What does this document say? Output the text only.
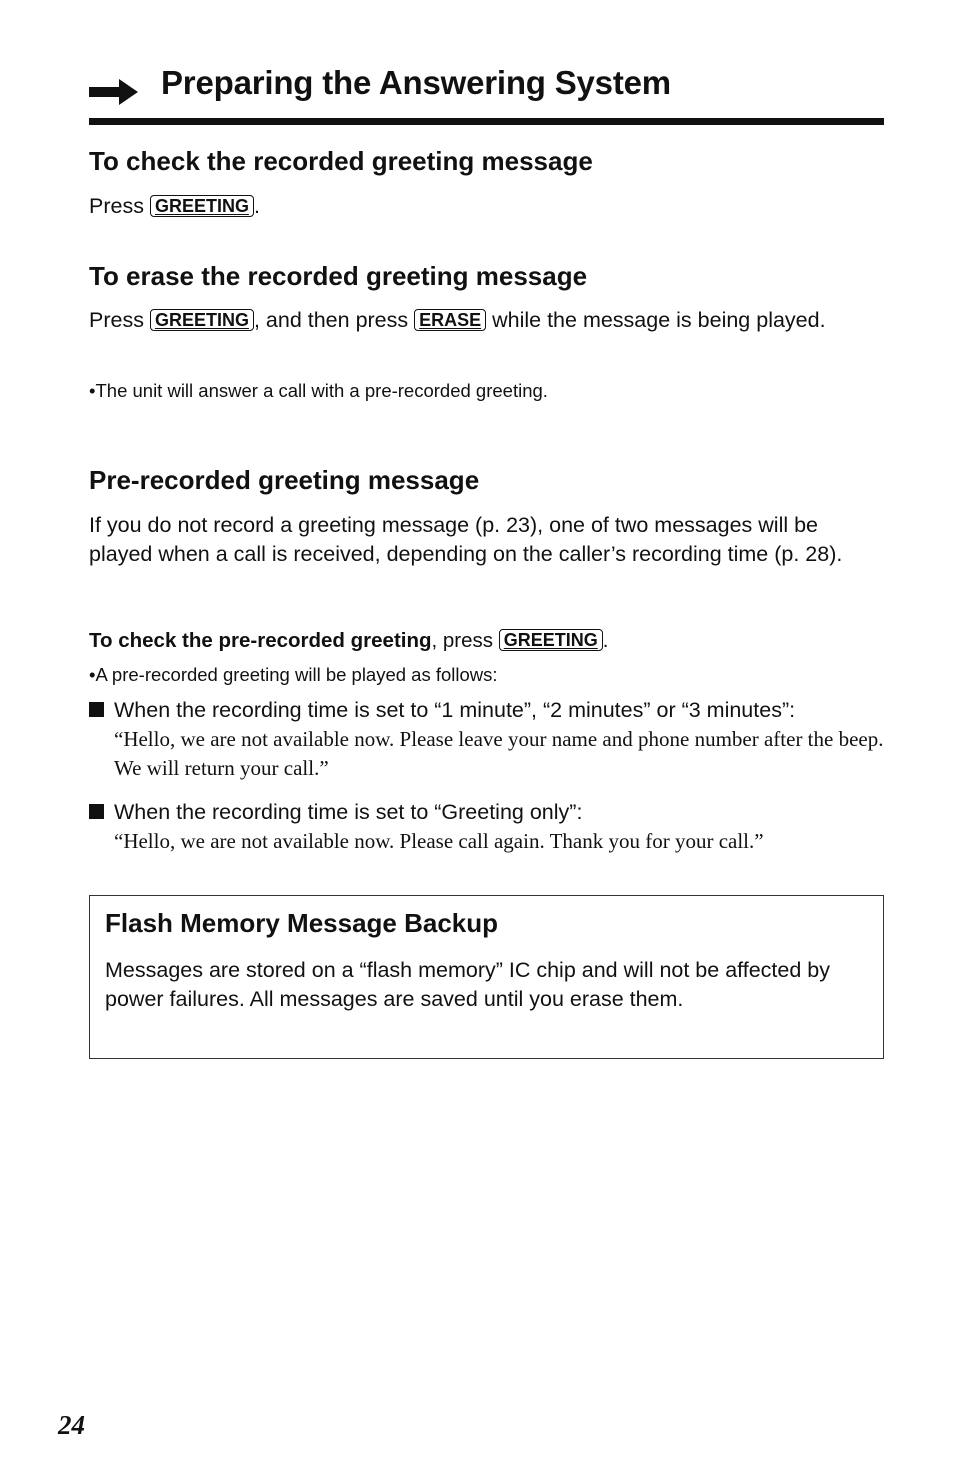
Preparing the Answering System
To check the recorded greeting message
Press GREETING .
To erase the recorded greeting message
Press GREETING , and then press ERASE while the message is being played.
•The unit will answer a call with a pre-recorded greeting.
Pre-recorded greeting message
If you do not record a greeting message (p. 23), one of two messages will be played when a call is received, depending on the caller’s recording time (p. 28).
To check the pre-recorded greeting, press GREETING .
•A pre-recorded greeting will be played as follows:
When the recording time is set to “1 minute”, “2 minutes” or “3 minutes”:
“Hello, we are not available now. Please leave your name and phone number after the beep. We will return your call.”
When the recording time is set to “Greeting only”:
“Hello, we are not available now. Please call again. Thank you for your call.”
Flash Memory Message Backup
Messages are stored on a “flash memory” IC chip and will not be affected by power failures. All messages are saved until you erase them.
24
